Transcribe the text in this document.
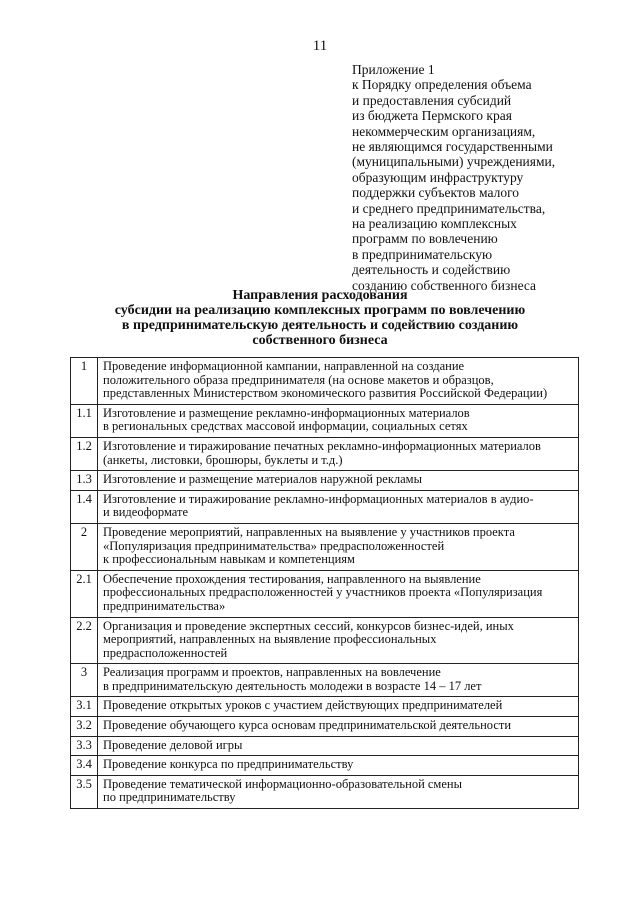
11
Приложение 1
к Порядку определения объема
и предоставления субсидий
из бюджета Пермского края
некоммерческим организациям,
не являющимся государственными
(муниципальными) учреждениями,
образующим инфраструктуру
поддержки субъектов малого
и среднего предпринимательства,
на реализацию комплексных
программ по вовлечению
в предпринимательскую
деятельность и содействию
созданию собственного бизнеса
Направления расходования
субсидии на реализацию комплексных программ по вовлечению
в предпринимательскую деятельность и содействию созданию
собственного бизнеса
1	Проведение информационной кампании, направленной на создание
положительного образа предпринимателя (на основе макетов и образцов,
представленных Министерством экономического развития Российской Федерации)

1.1	Изготовление и размещение рекламно-информационных материалов
в региональных средствах массовой информации, социальных сетях

1.2	Изготовление и тиражирование печатных рекламно-информационных материалов
(анкеты, листовки, брошюры, буклеты и т.д.)

1.3	Изготовление и размещение материалов наружной рекламы

1.4	Изготовление и тиражирование рекламно-информационных материалов в аудио-
и видеоформате

2	Проведение мероприятий, направленных на выявление у участников проекта
«Популяризация предпринимательства» предрасположенностей
к профессиональным навыкам и компетенциям

2.1	Обеспечение прохождения тестирования, направленного на выявление
профессиональных предрасположенностей у участников проекта «Популяризация
предпринимательства»

2.2	Организация и проведение экспертных сессий, конкурсов бизнес-идей, иных
мероприятий, направленных на выявление профессиональных
предрасположенностей

3	Реализация программ и проектов, направленных на вовлечение
в предпринимательскую деятельность молодежи в возрасте 14 – 17 лет

3.1	Проведение открытых уроков с участием действующих предпринимателей

3.2	Проведение обучающего курса основам предпринимательской деятельности

3.3	Проведение деловой игры

3.4	Проведение конкурса по предпринимательству

3.5	Проведение тематической информационно-образовательной смены
по предпринимательству
